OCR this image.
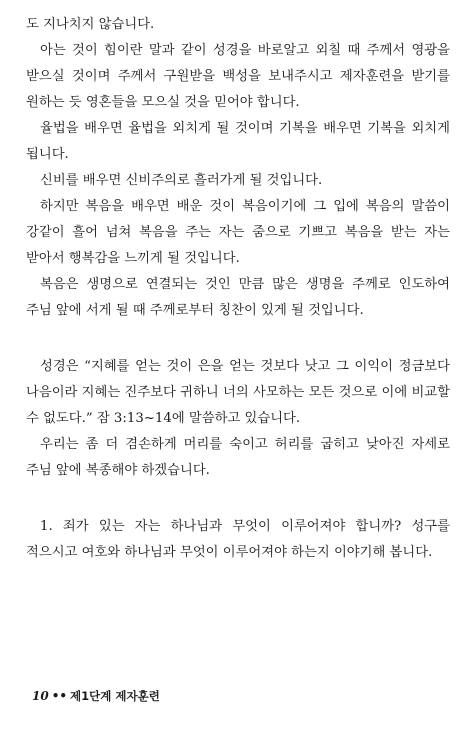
도 지나치지 않습니다.

아는 것이 힘이란 말과 같이 성경을 바로알고 외칠 때 주께서 영광을 받으실 것이며 주께서 구원받을 백성을 보내주시고 제자훈련을 받기를 원하는 듯 영혼들을 모으실 것을 믿어야 합니다.

율법을 배우면 율법을 외치게 될 것이며 기복을 배우면 기복을 외치게 됩니다.

신비를 배우면 신비주의로 흘러가게 될 것입니다.

하지만 복음을 배우면 배운 것이 복음이기에 그 입에 복음의 말씀이 강같이 흘어 넘쳐 복음을 주는 자는 줌으로 기쁘고 복음을 받는 자는 받아서 행복감을 느끼게 될 것입니다.

복음은 생명으로 연결되는 것인 만큼 많은 생명을 주께로 인도하여 주님 앞에 서게 될 때 주께로부터 칭찬이 있게 될 것입니다.

성경은 “지혜를 얻는 것이 은을 얻는 것보다 낫고 그 이익이 정금보다 나음이라 지혜는 진주보다 귀하니 너의 사모하는 모든 것으로 이에 비교할 수 없도다.” 잠 3:13~14에 말씀하고 있습니다.

우리는 좀 더 겸손하게 머리를 숙이고 허리를 굽히고 낮아진 자세로 주님 앞에 복종해야 하겠습니다.

1. 죄가 있는 자는 하나님과 무엇이 이루어져야 합니까? 성구를 적으시고 여호와 하나님과 무엇이 이루어져야 하는지 이야기해 봅니다.

10 •• 제1단계 제자훈련
